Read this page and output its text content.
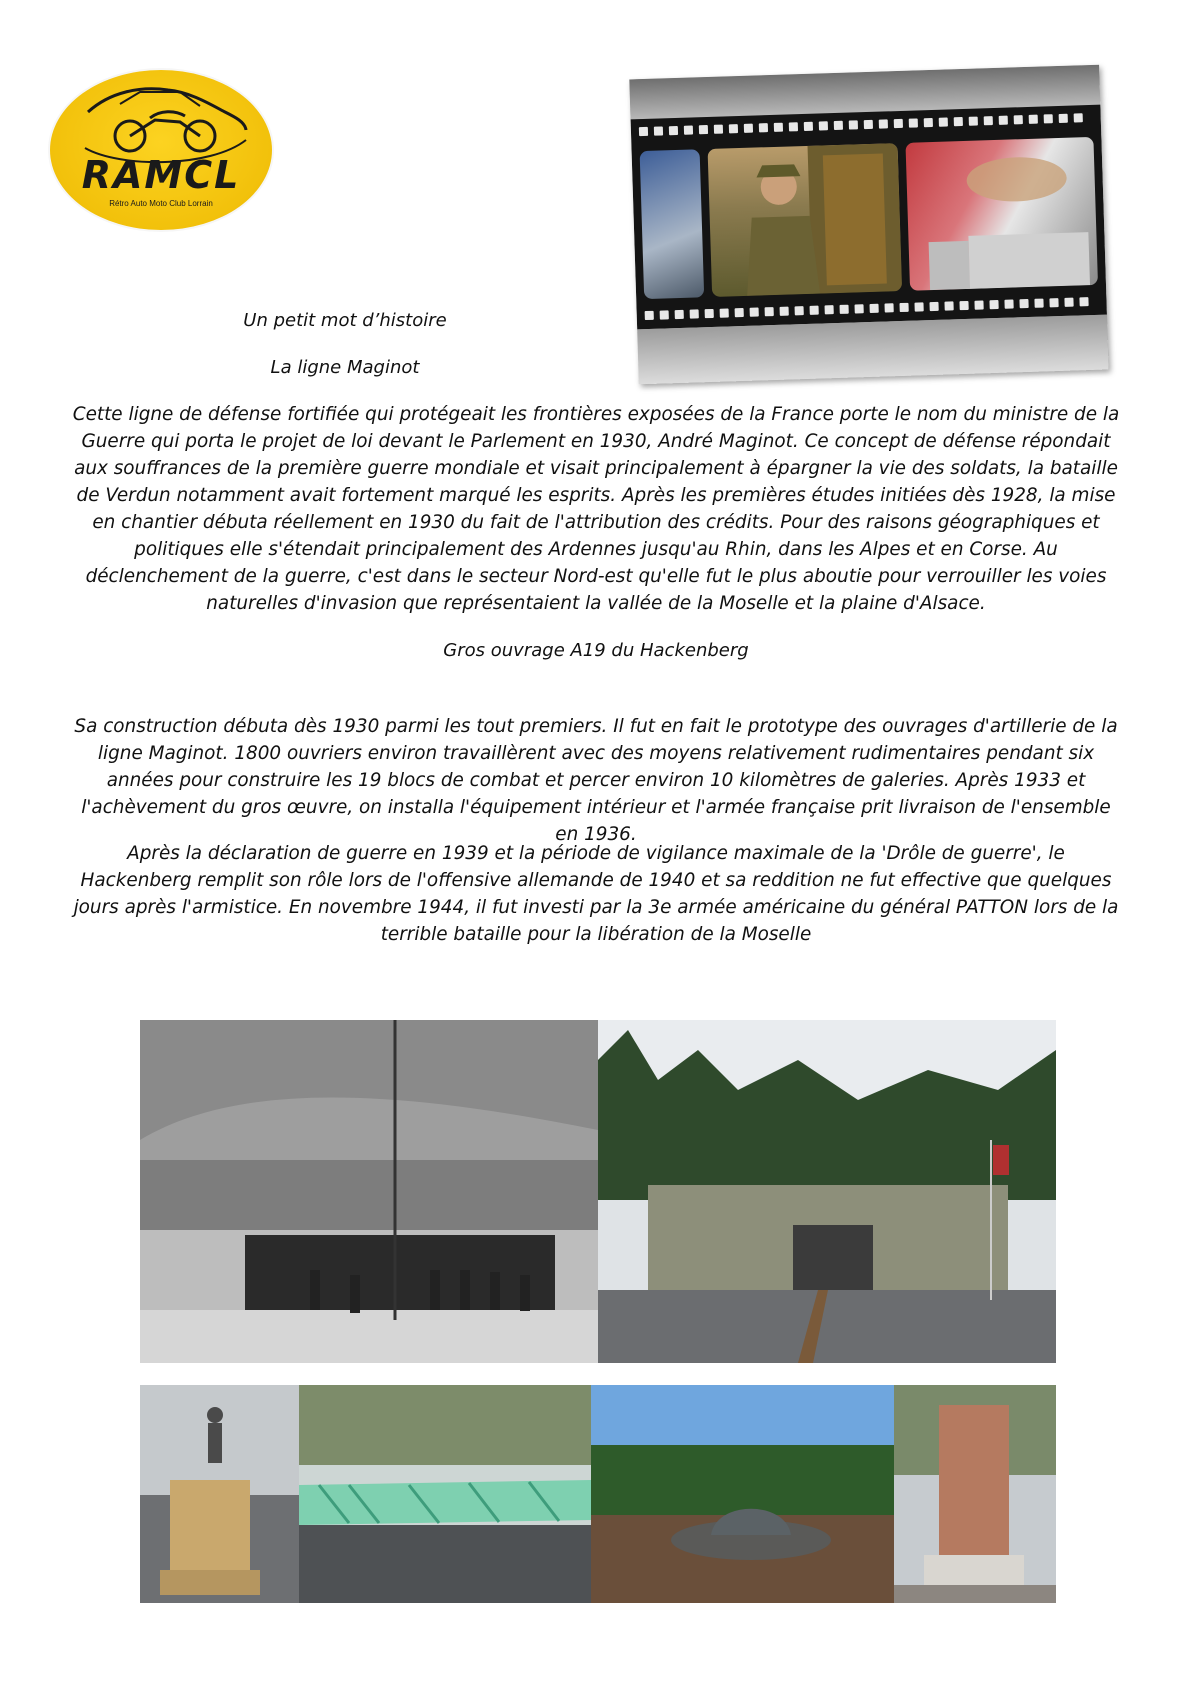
RAMCL
Rétro Auto Moto Club Lorrain
Un petit mot d’histoire
La ligne Maginot

Cette ligne de défense fortifiée qui protégeait les frontières exposées de la France porte le nom du ministre de la Guerre qui porta le projet de loi devant le Parlement en 1930, André Maginot. Ce concept de défense répondait aux souffrances de la première guerre mondiale et visait principalement à épargner la vie des soldats, la bataille de Verdun notamment avait fortement marqué les esprits. Après les premières études initiées dès 1928, la mise en chantier débuta réellement en 1930 du fait de l'attribution des crédits. Pour des raisons géographiques et politiques elle s'étendait principalement des Ardennes jusqu'au Rhin, dans les Alpes et en Corse. Au déclenchement de la guerre, c'est dans le secteur Nord-est qu'elle fut le plus aboutie pour verrouiller les voies naturelles d'invasion que représentaient la vallée de la Moselle et la plaine d'Alsace.

Gros ouvrage A19 du Hackenberg

Sa construction débuta dès 1930 parmi les tout premiers. Il fut en fait le prototype des ouvrages d'artillerie de la ligne Maginot. 1800 ouvriers environ travaillèrent avec des moyens relativement rudimentaires pendant six années pour construire les 19 blocs de combat et percer environ 10 kilomètres de galeries. Après 1933 et l'achèvement du gros œuvre, on installa l'équipement intérieur et l'armée française prit livraison de l'ensemble en 1936.

Après la déclaration de guerre en 1939 et la période de vigilance maximale de la 'Drôle de guerre', le Hackenberg remplit son rôle lors de l'offensive allemande de 1940 et sa reddition ne fut effective que quelques jours après l'armistice. En novembre 1944, il fut investi par la 3e armée américaine du général PATTON lors de la terrible bataille pour la libération de la Moselle
